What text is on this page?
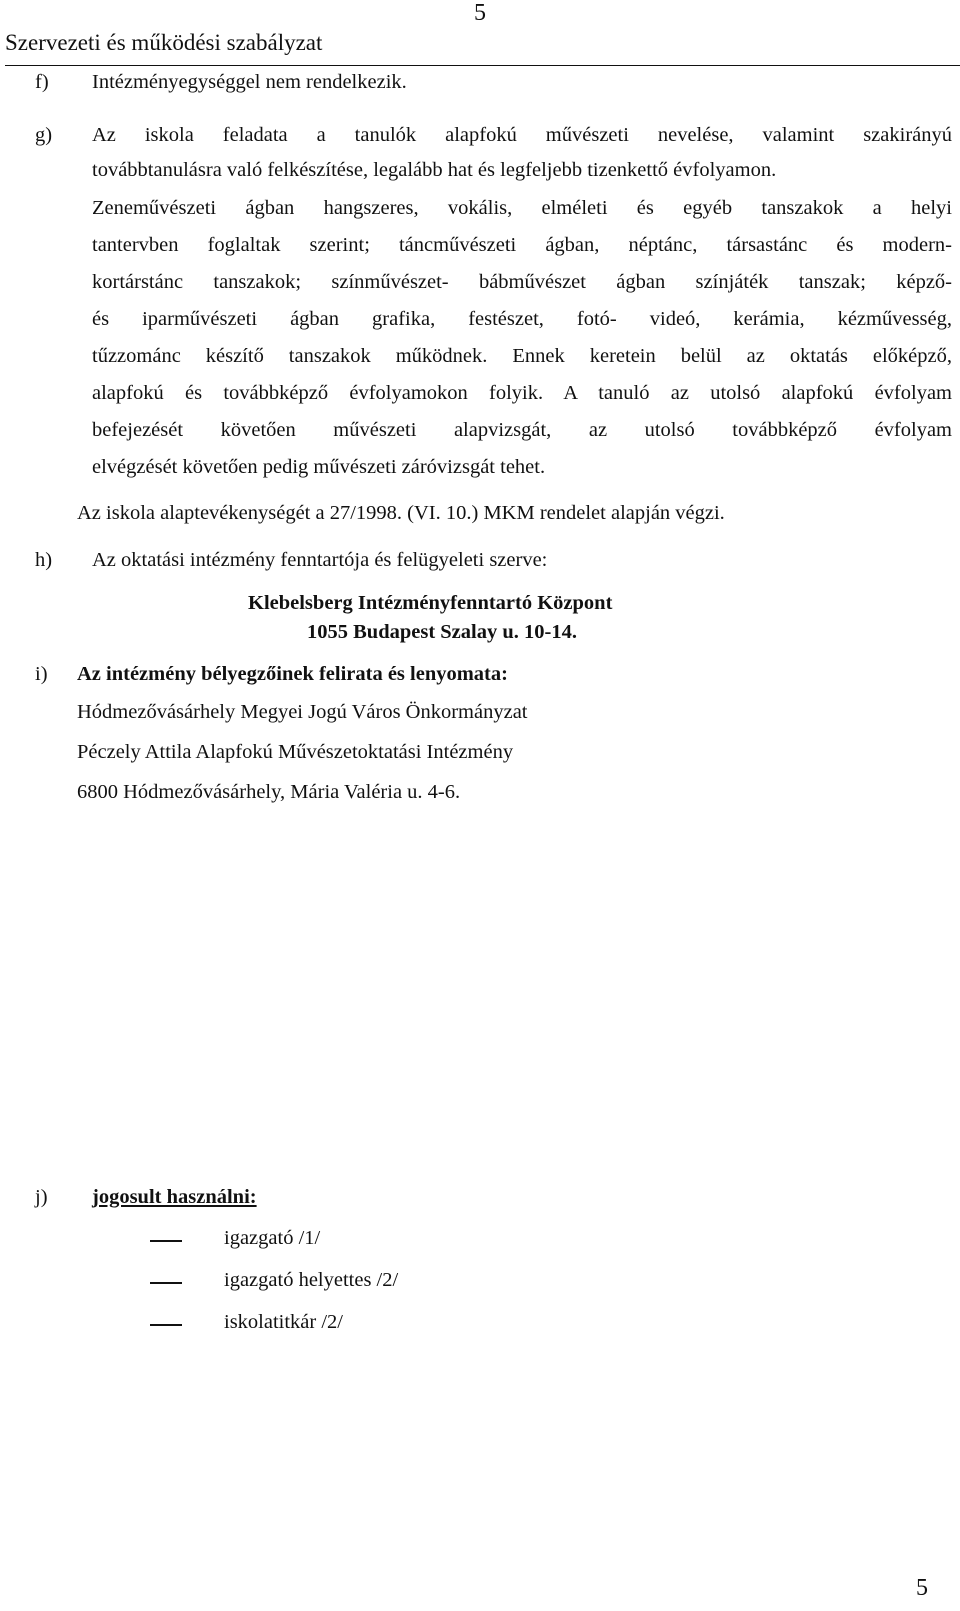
5
Szervezeti és működési szabályzat
f) Intézményegységgel nem rendelkezik.
g) Az iskola feladata a tanulók alapfokú művészeti nevelése, valamint szakirányú
továbbtanulásra való felkészítése, legalább hat és legfeljebb tizenkettő évfolyamon.
Zeneművészeti ágban hangszeres, vokális, elméleti és egyéb tanszakok a helyi
tantervben foglaltak szerint; táncművészeti ágban, néptánc, társastánc és modern-
kortárstánc tanszakok; színművészet- bábművészet ágban színjáték tanszak; képző-
és iparművészeti ágban grafika, festészet, fotó- videó, kerámia, kézművesség,
tűzzománc készítő tanszakok működnek. Ennek keretein belül az oktatás előképző,
alapfokú és továbbképző évfolyamokon folyik. A tanuló az utolsó alapfokú évfolyam
befejezését követően művészeti alapvizsgát, az utolsó továbbképző évfolyam
elvégzését követően pedig művészeti záróvizsgát tehet.
Az iskola alaptevékenységét a 27/1998. (VI. 10.) MKM rendelet alapján végzi.
h) Az oktatási intézmény fenntartója és felügyeleti szerve:
Klebelsberg Intézményfenntartó Központ
1055 Budapest Szalay u. 10-14.
i) Az intézmény bélyegzőinek felirata és lenyomata:
Hódmezővásárhely Megyei Jogú Város Önkormányzat
Péczely Attila Alapfokú Művészetoktatási Intézmény
6800 Hódmezővásárhely, Mária Valéria u. 4-6.
j) jogosult használni:
igazgató /1/
igazgató helyettes /2/
iskolatitkár /2/
5
